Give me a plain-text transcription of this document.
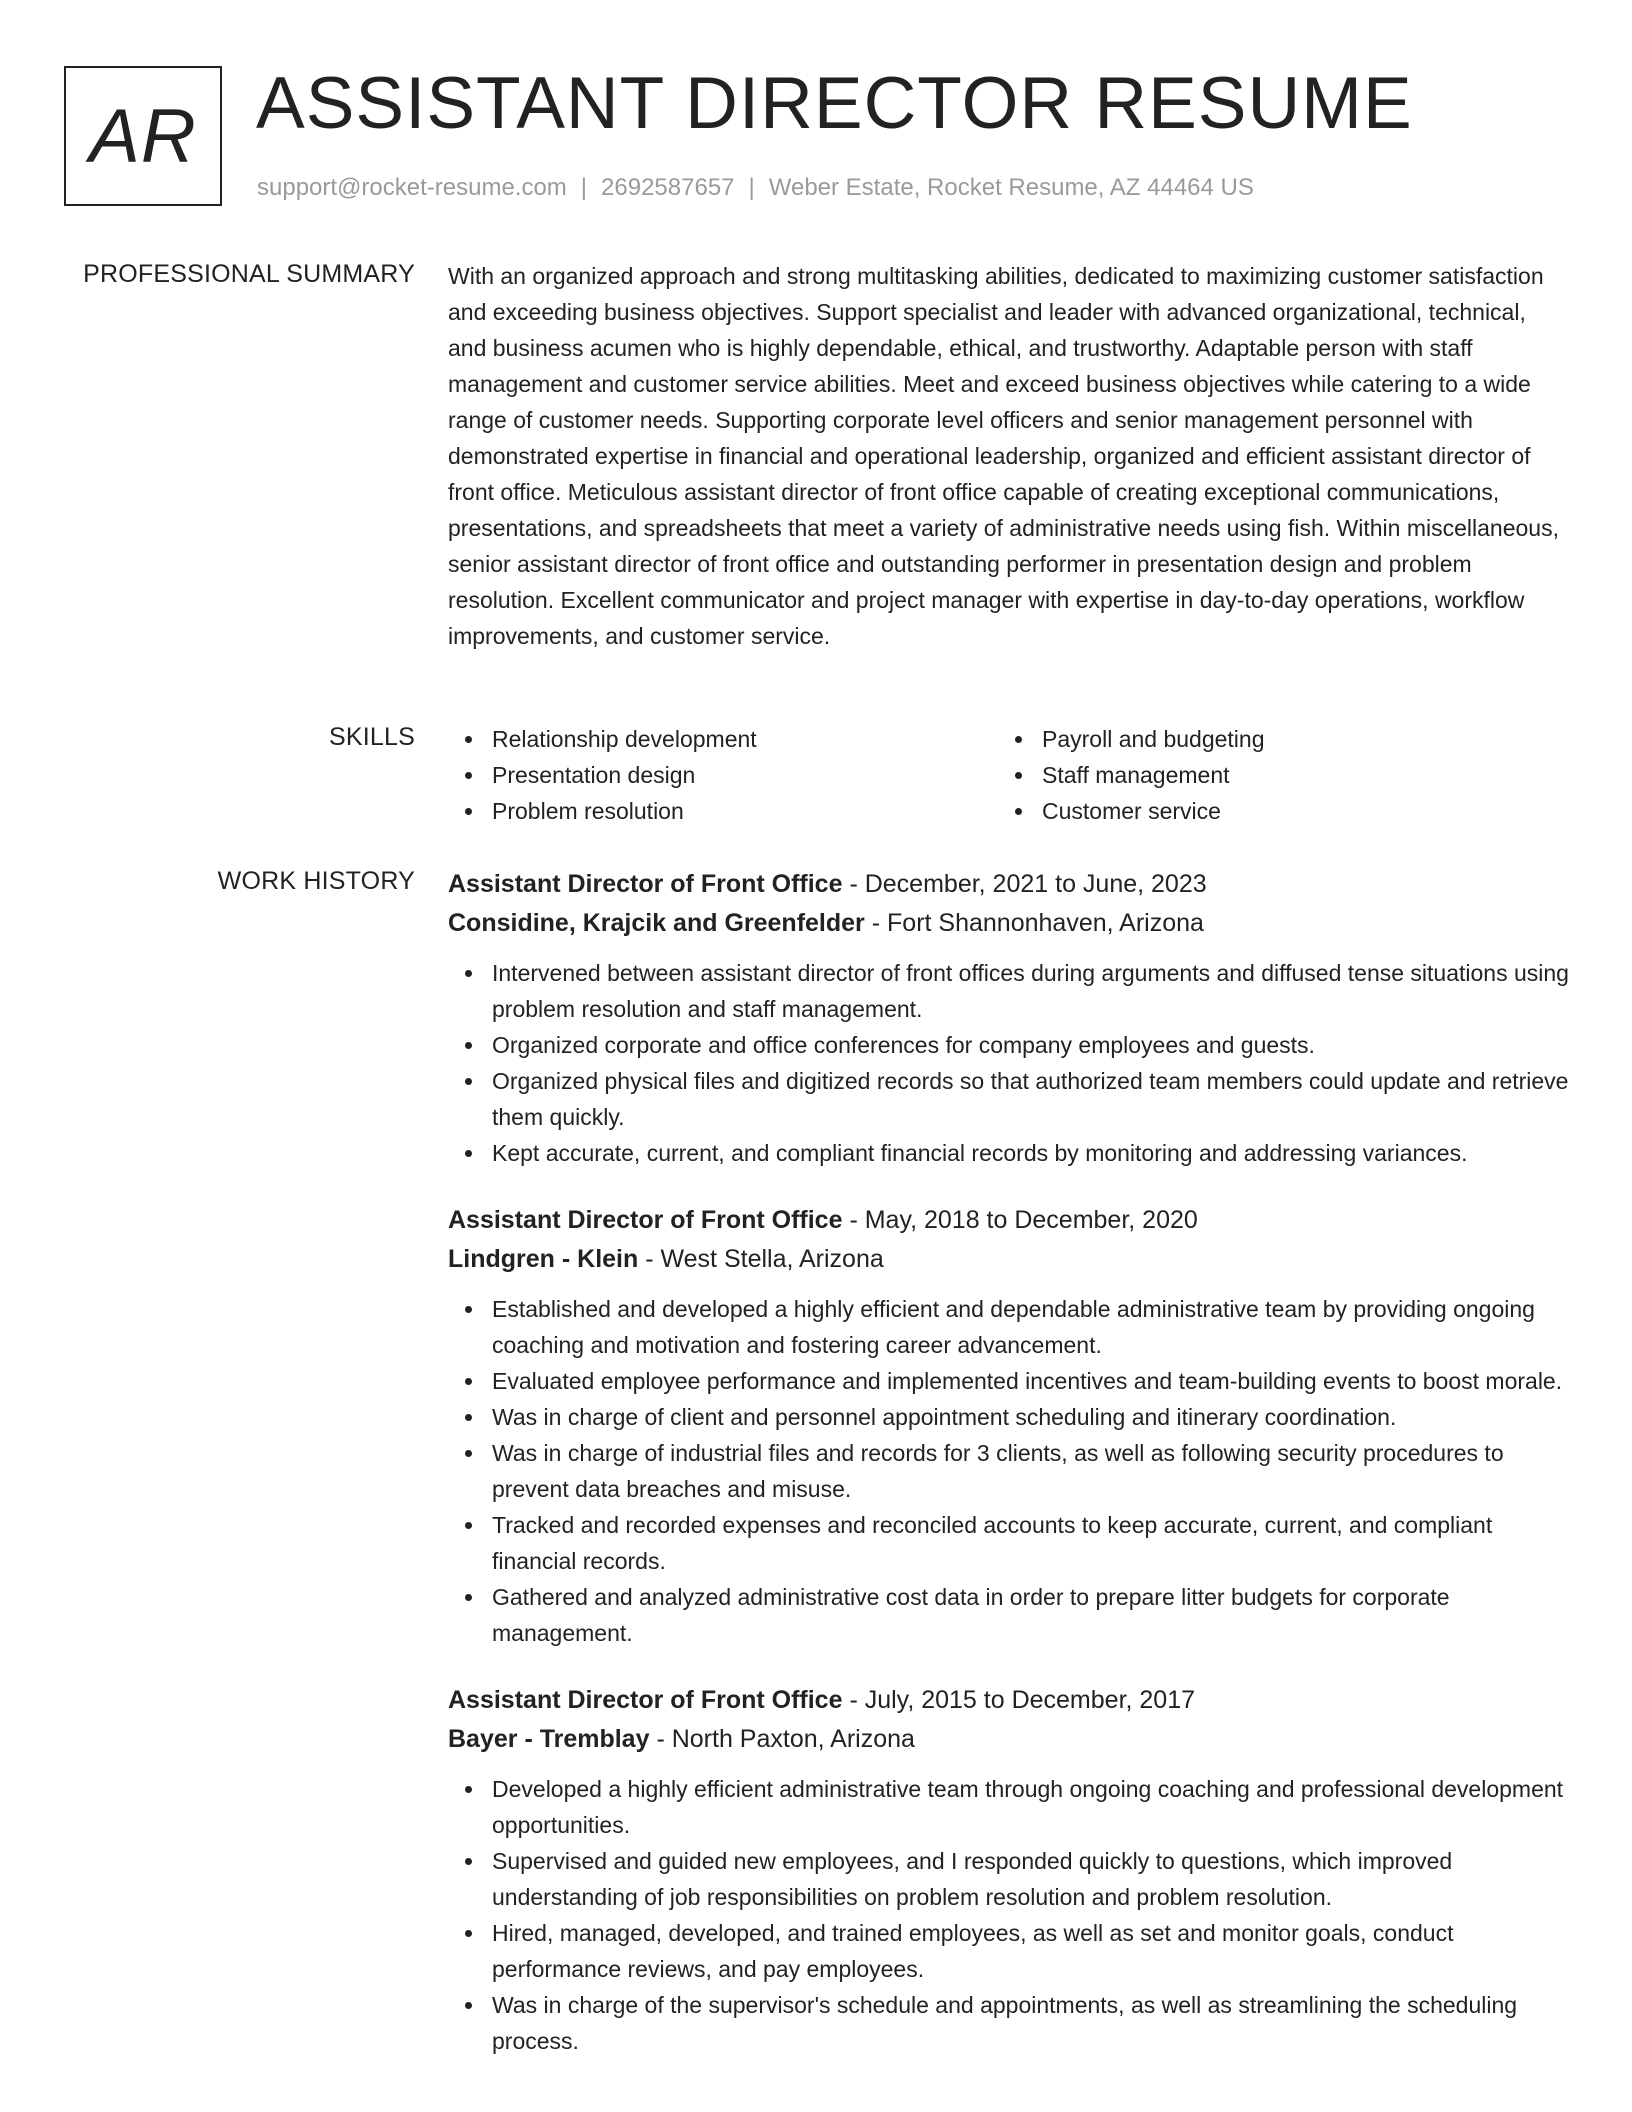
AR ASSISTANT DIRECTOR RESUME
support@rocket-resume.com | 2692587657 | Weber Estate, Rocket Resume, AZ 44464 US
PROFESSIONAL SUMMARY With an organized approach and strong multitasking abilities, dedicated to maximizing customer satisfaction and exceeding business objectives. Support specialist and leader with advanced organizational, technical, and business acumen who is highly dependable, ethical, and trustworthy. Adaptable person with staff management and customer service abilities. Meet and exceed business objectives while catering to a wide range of customer needs. Supporting corporate level officers and senior management personnel with demonstrated expertise in financial and operational leadership, organized and efficient assistant director of front office. Meticulous assistant director of front office capable of creating exceptional communications, presentations, and spreadsheets that meet a variety of administrative needs using fish. Within miscellaneous, senior assistant director of front office and outstanding performer in presentation design and problem resolution. Excellent communicator and project manager with expertise in day-to-day operations, workflow improvements, and customer service.

SKILLS	Relationship development	Payroll and budgeting
Presentation design	Staff management
Problem resolution	Customer service
WORK HISTORY Assistant Director of Front Office - December, 2021 to June, 2023
Considine, Krajcik and Greenfelder - Fort Shannonhaven, Arizona
Intervened between assistant director of front offices during arguments and diffused tense situations using problem resolution and staff management.
Organized corporate and office conferences for company employees and guests.
Organized physical files and digitized records so that authorized team members could update and retrieve them quickly.
Kept accurate, current, and compliant financial records by monitoring and addressing variances.
Assistant Director of Front Office - May, 2018 to December, 2020
Lindgren - Klein - West Stella, Arizona
Established and developed a highly efficient and dependable administrative team by providing ongoing coaching and motivation and fostering career advancement.
Evaluated employee performance and implemented incentives and team-building events to boost morale.
Was in charge of client and personnel appointment scheduling and itinerary coordination.
Was in charge of industrial files and records for 3 clients, as well as following security procedures to prevent data breaches and misuse.
Tracked and recorded expenses and reconciled accounts to keep accurate, current, and compliant financial records.
Gathered and analyzed administrative cost data in order to prepare litter budgets for corporate management.
Assistant Director of Front Office - July, 2015 to December, 2017
Bayer - Tremblay - North Paxton, Arizona
Developed a highly efficient administrative team through ongoing coaching and professional development opportunities.
Supervised and guided new employees, and I responded quickly to questions, which improved understanding of job responsibilities on problem resolution and problem resolution.
Hired, managed, developed, and trained employees, as well as set and monitor goals, conduct performance reviews, and pay employees.
Was in charge of the supervisor's schedule and appointments, as well as streamlining the scheduling process.
